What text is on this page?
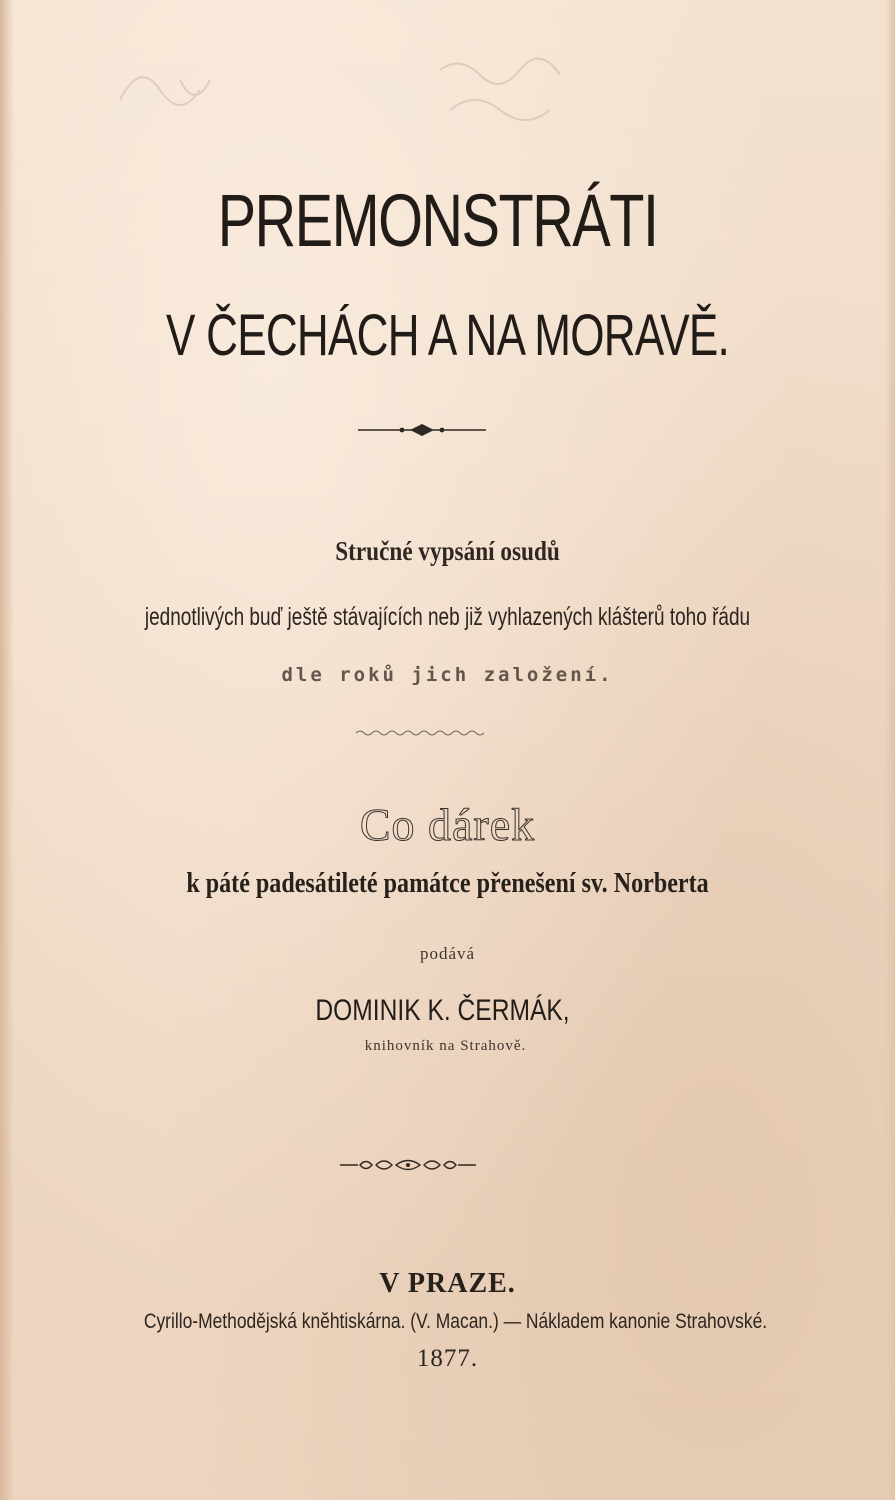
PREMONSTRÁTI
V ČECHÁCH A NA MORAVĚ.
Stručné vypsání osudů
jednotlivých buď ještě stávajících neb již vyhlazených klášterů toho řádu
dle roků jich založení.
Co dárek
k páté padesátileté památce přenešení sv. Norberta
podává
DOMINIK K. ČERMÁK,
knihovník na Strahově.
V PRAZE.
Cyrillo-Methodějská knĕhtiskárna. (V. Macan.) — Nákladem kanonie Strahovské.
1877.
